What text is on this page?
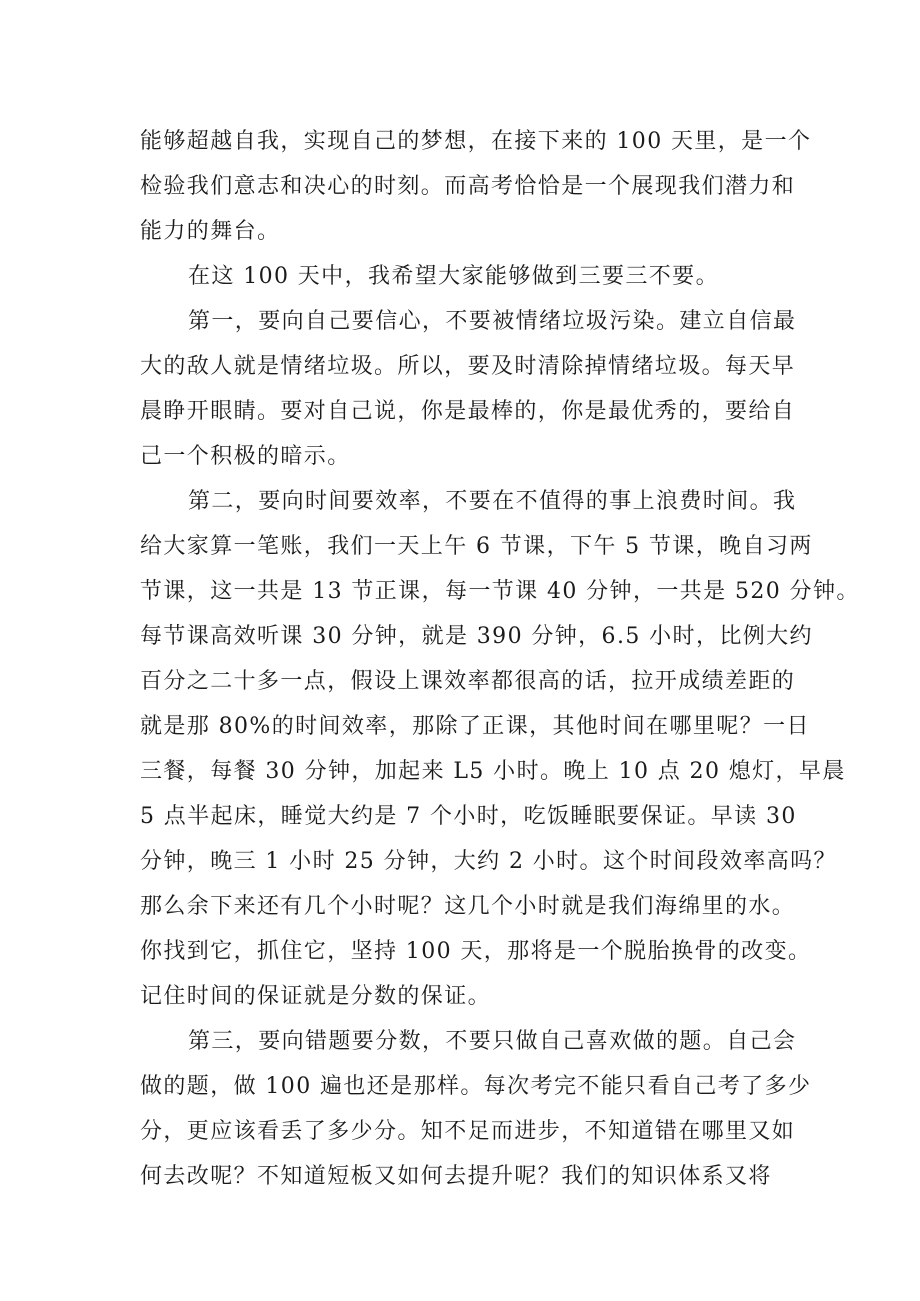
能够超越自我，实现自己的梦想，在接下来的 100 天里，是一个
检验我们意志和决心的时刻。而高考恰恰是一个展现我们潜力和
能力的舞台。
在这 100 天中，我希望大家能够做到三要三不要。
第一，要向自己要信心，不要被情绪垃圾污染。建立自信最
大的敌人就是情绪垃圾。所以，要及时清除掉情绪垃圾。每天早
晨睁开眼睛。要对自己说，你是最棒的，你是最优秀的，要给自
己一个积极的暗示。
第二，要向时间要效率，不要在不值得的事上浪费时间。我
给大家算一笔账，我们一天上午 6 节课，下午 5 节课，晚自习两
节课，这一共是 13 节正课，每一节课 40 分钟，一共是 520 分钟。
每节课高效听课 30 分钟，就是 390 分钟，6.5 小时，比例大约
百分之二十多一点，假设上课效率都很高的话，拉开成绩差距的
就是那 80%的时间效率，那除了正课，其他时间在哪里呢？一日
三餐，每餐 30 分钟，加起来 L5 小时。晚上 10 点 20 熄灯，早晨
5 点半起床，睡觉大约是 7 个小时，吃饭睡眠要保证。早读 30
分钟，晚三 1 小时 25 分钟，大约 2 小时。这个时间段效率高吗？
那么余下来还有几个小时呢？这几个小时就是我们海绵里的水。
你找到它，抓住它，坚持 100 天，那将是一个脱胎换骨的改变。
记住时间的保证就是分数的保证。
第三，要向错题要分数，不要只做自己喜欢做的题。自己会
做的题，做 100 遍也还是那样。每次考完不能只看自己考了多少
分，更应该看丢了多少分。知不足而进步，不知道错在哪里又如
何去改呢？不知道短板又如何去提升呢？我们的知识体系又将
